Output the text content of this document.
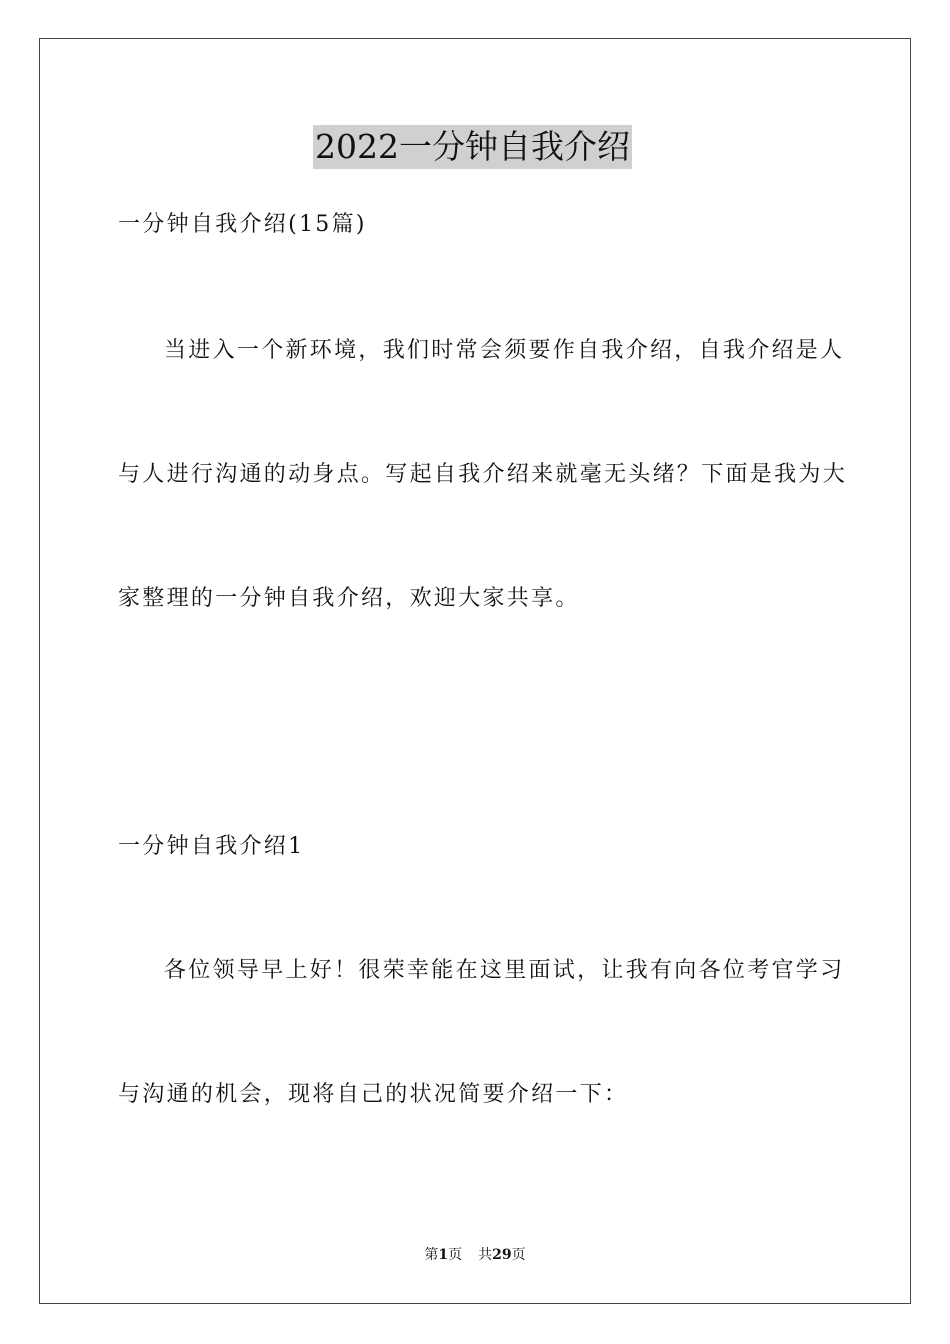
2022一分钟自我介绍
一分钟自我介绍(15篇)
当进入一个新环境，我们时常会须要作自我介绍，自我介绍是人
与人进行沟通的动身点。写起自我介绍来就毫无头绪？下面是我为大
家整理的一分钟自我介绍，欢迎大家共享。
一分钟自我介绍1
各位领导早上好！很荣幸能在这里面试，让我有向各位考官学习
与沟通的机会，现将自己的状况简要介绍一下：
第1页 共29页
